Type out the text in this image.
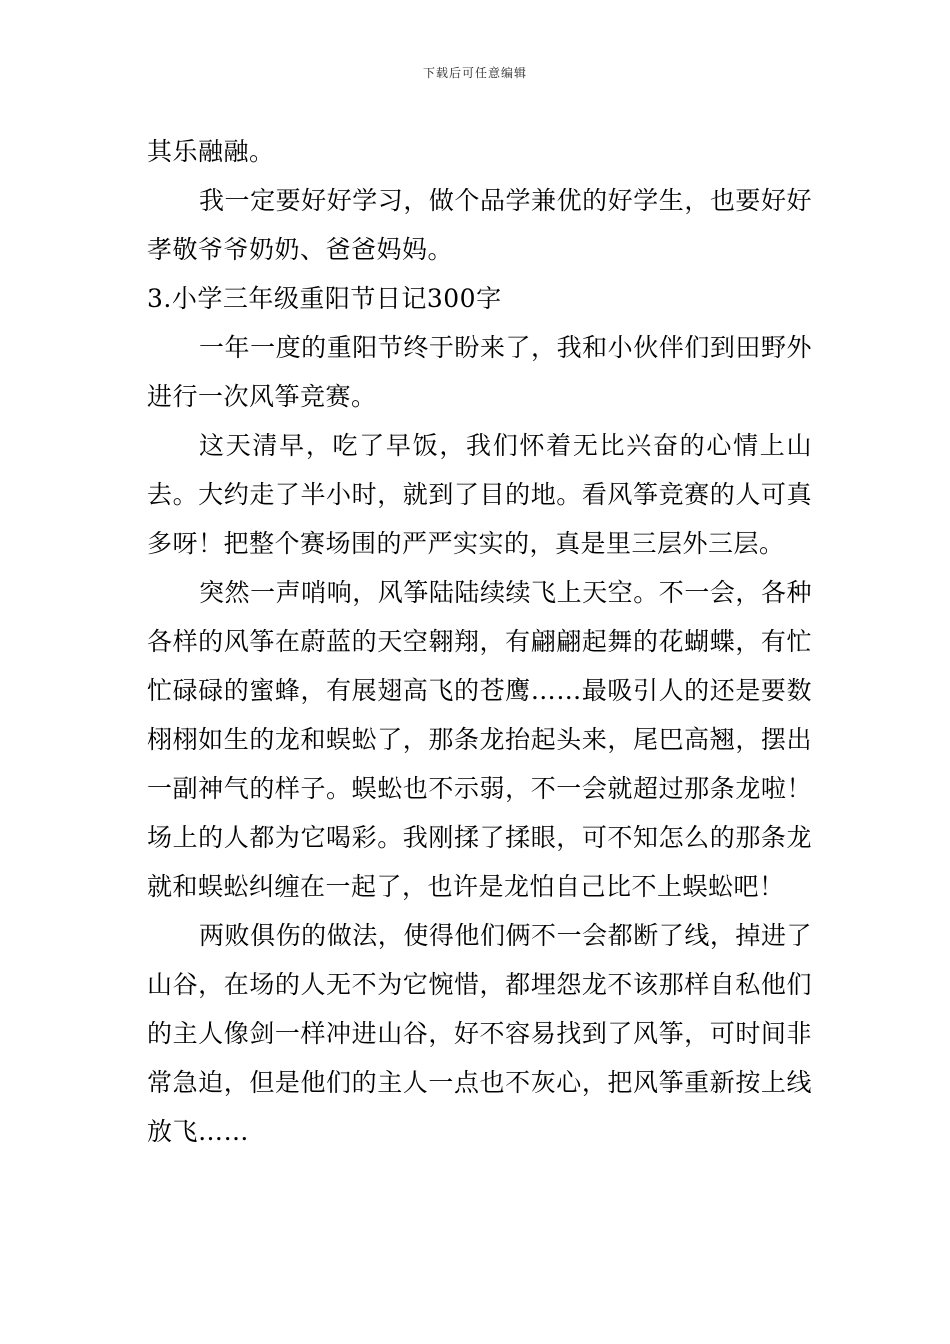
下载后可任意编辑

其乐融融。

我一定要好好学习，做个品学兼优的好学生，也要好好孝敬爷爷奶奶、爸爸妈妈。

3.小学三年级重阳节日记300字

一年一度的重阳节终于盼来了，我和小伙伴们到田野外进行一次风筝竞赛。

这天清早，吃了早饭，我们怀着无比兴奋的心情上山去。大约走了半小时，就到了目的地。看风筝竞赛的人可真多呀！把整个赛场围的严严实实的，真是里三层外三层。

突然一声哨响，风筝陆陆续续飞上天空。不一会，各种各样的风筝在蔚蓝的天空翱翔，有翩翩起舞的花蝴蝶，有忙忙碌碌的蜜蜂，有展翅高飞的苍鹰……最吸引人的还是要数栩栩如生的龙和蜈蚣了，那条龙抬起头来，尾巴高翘，摆出一副神气的样子。蜈蚣也不示弱，不一会就超过那条龙啦！场上的人都为它喝彩。我刚揉了揉眼，可不知怎么的那条龙就和蜈蚣纠缠在一起了，也许是龙怕自己比不上蜈蚣吧！

两败俱伤的做法，使得他们俩不一会都断了线，掉进了山谷，在场的人无不为它惋惜，都埋怨龙不该那样自私他们的主人像剑一样冲进山谷，好不容易找到了风筝，可时间非常急迫，但是他们的主人一点也不灰心，把风筝重新按上线放飞……
